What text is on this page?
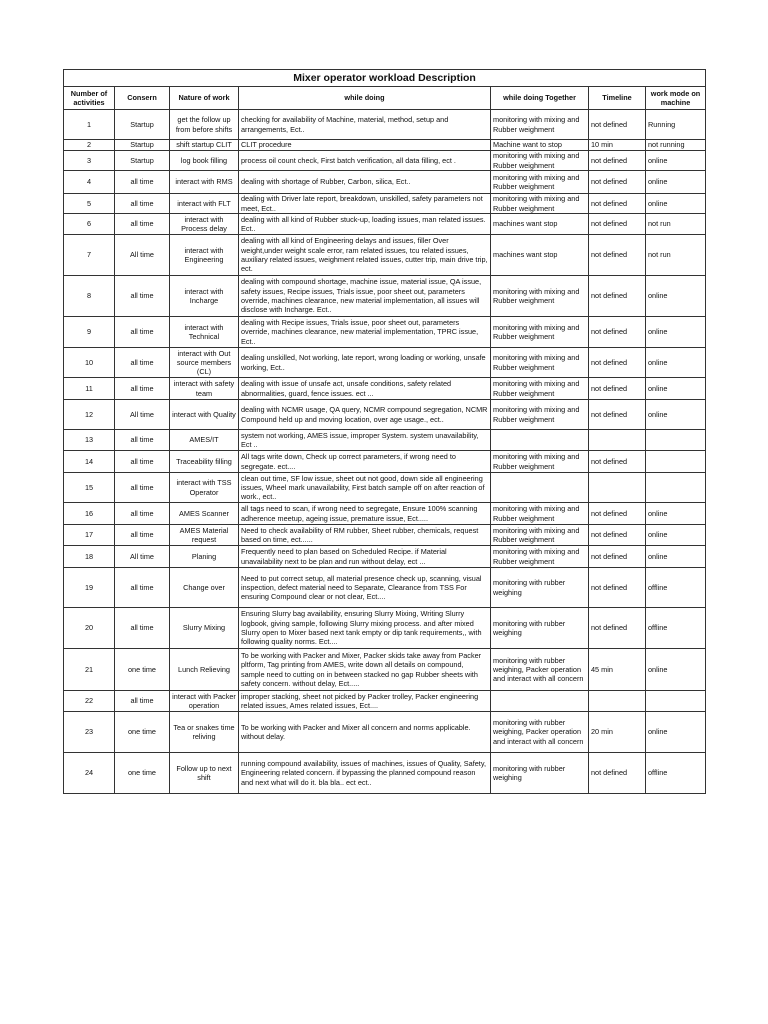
Mixer operator workload Description						
Number of activities	Consern	Nature of work	while doing	while doing Together	Timeline	work mode on machine
1	Startup	get the follow up from before shifts	checking for availability of Machine, material, method, setup and arrangements, Ect..	monitoring with mixing and Rubber weighment	not defined	Running
2	Startup	shift startup CLIT	CLIT procedure	Machine want to stop	10 min	not running
3	Startup	log book filling	process oil count check, First batch verification, all data filling, ect .	monitoring with mixing and Rubber weighment	not defined	online
4	all time	interact with RMS	dealing with shortage of Rubber, Carbon, silica, Ect..	monitoring with mixing and Rubber weighment	not defined	online
5	all time	interact with FLT	dealing with Driver late report, breakdown, unskilled, safety parameters not meet, Ect..	monitoring with mixing and Rubber weighment	not defined	online
6	all time	interact with Process delay	dealing with all kind of Rubber stuck-up, loading issues, man related issues. Ect..	machines want stop	not defined	not run
7	All time	interact with Engineering	dealing with all kind of Engineering delays and issues, filler Over weight,under weight scale error, ram related issues, tcu related issues, auxiliary related issues, weighment related issues, cutter trip, main drive trip, ect.	machines want stop	not defined	not run
8	all time	interact with Incharge	dealing with compound shortage, machine issue, material issue, QA issue, safety issues, Recipe issues, Trials issue, poor sheet out, parameters override, machines clearance, new material implementation, all issues will disclose with Incharge. Ect..	monitoring with mixing and Rubber weighment	not defined	online
9	all time	interact with Technical	dealing with Recipe issues, Trials issue, poor sheet out, parameters override, machines clearance, new material implementation, TPRC issue, Ect..	monitoring with mixing and Rubber weighment	not defined	online
10	all time	interact with Out source members (CL)	dealing unskilled, Not working, late report, wrong loading or working, unsafe working, Ect..	monitoring with mixing and Rubber weighment	not defined	online
11	all time	interact with safety team	dealing with issue of unsafe act, unsafe conditions, safety related abnormalities, guard, fence issues. ect ...	monitoring with mixing and Rubber weighment	not defined	online
12	All time	interact with Quality	dealing with NCMR usage, QA query, NCMR compound segregation, NCMR Compound held up and moving location, over age usage., ect..	monitoring with mixing and Rubber weighment	not defined	online
13	all time	AMES/IT	system not working, AMES issue, improper System. system unavailability, Ect ..			
14	all time	Traceability filling	All tags write down, Check up correct parameters, if wrong need to segregate. ect....	monitoring with mixing and Rubber weighment	not defined	
15	all time	interact with TSS Operator	clean out time, SF low issue, sheet out not good, down side all engineering issues, Wheel mark unavailability, First batch sample off on after reaction of work., ect..			
16	all time	AMES Scanner	all tags need to scan, if wrong need to segregate, Ensure 100% scanning adherence meetup, ageing issue, premature issue, Ect.....	monitoring with mixing and Rubber weighment	not defined	online
17	all time	AMES Material request	Need to check availability of RM rubber, Sheet rubber, chemicals, request based on time, ect......	monitoring with mixing and Rubber weighment	not defined	online
18	All time	Planing	Frequently need to plan based on Scheduled Recipe. if Material unavailability next to be plan and run without delay, ect ...	monitoring with mixing and Rubber weighment	not defined	online
19	all time	Change over	Need to put correct setup, all material presence check up, scanning, visual inspection, defect material need to Separate, Clearance from TSS For ensuring Compound clear or not clear, Ect....	monitoring with rubber weighing	not defined	offline
20	all time	Slurry Mixing	Ensuring Slurry bag availability, ensuring Slurry Mixing, Writing Slurry logbook, giving sample, following Slurry mixing process. and after mixed Slurry open to Mixer based next tank empty or dip tank requirements,, with following quality norms. Ect....	monitoring with rubber weighing	not defined	offline
21	one time	Lunch Relieving	To be working with Packer and Mixer, Packer skids take away from Packer pltform, Tag printing from AMES, write down all details on compound, sample need to cutting on in between stacked no gap Rubber sheets with safety concern. without delay, Ect.....	monitoring with rubber weighing, Packer operation and interact with all concern	45 min	online
22	all time	interact with Packer operation	improper stacking, sheet not picked by Packer trolley, Packer engineering related issues, Ames related issues, Ect....			
23	one time	Tea or snakes time reliving	To be working with Packer and Mixer all concern and norms applicable. without delay.	monitoring with rubber weighing, Packer operation and interact with all concern	20 min	online
24	one time	Follow up to next shift	running compound availability, issues of machines, issues of Quality, Safety, Engineering related concern. if bypassing the planned compound reason and next what will do it. bla bla.. ect ect..	monitoring with rubber weighing	not defined	offline
